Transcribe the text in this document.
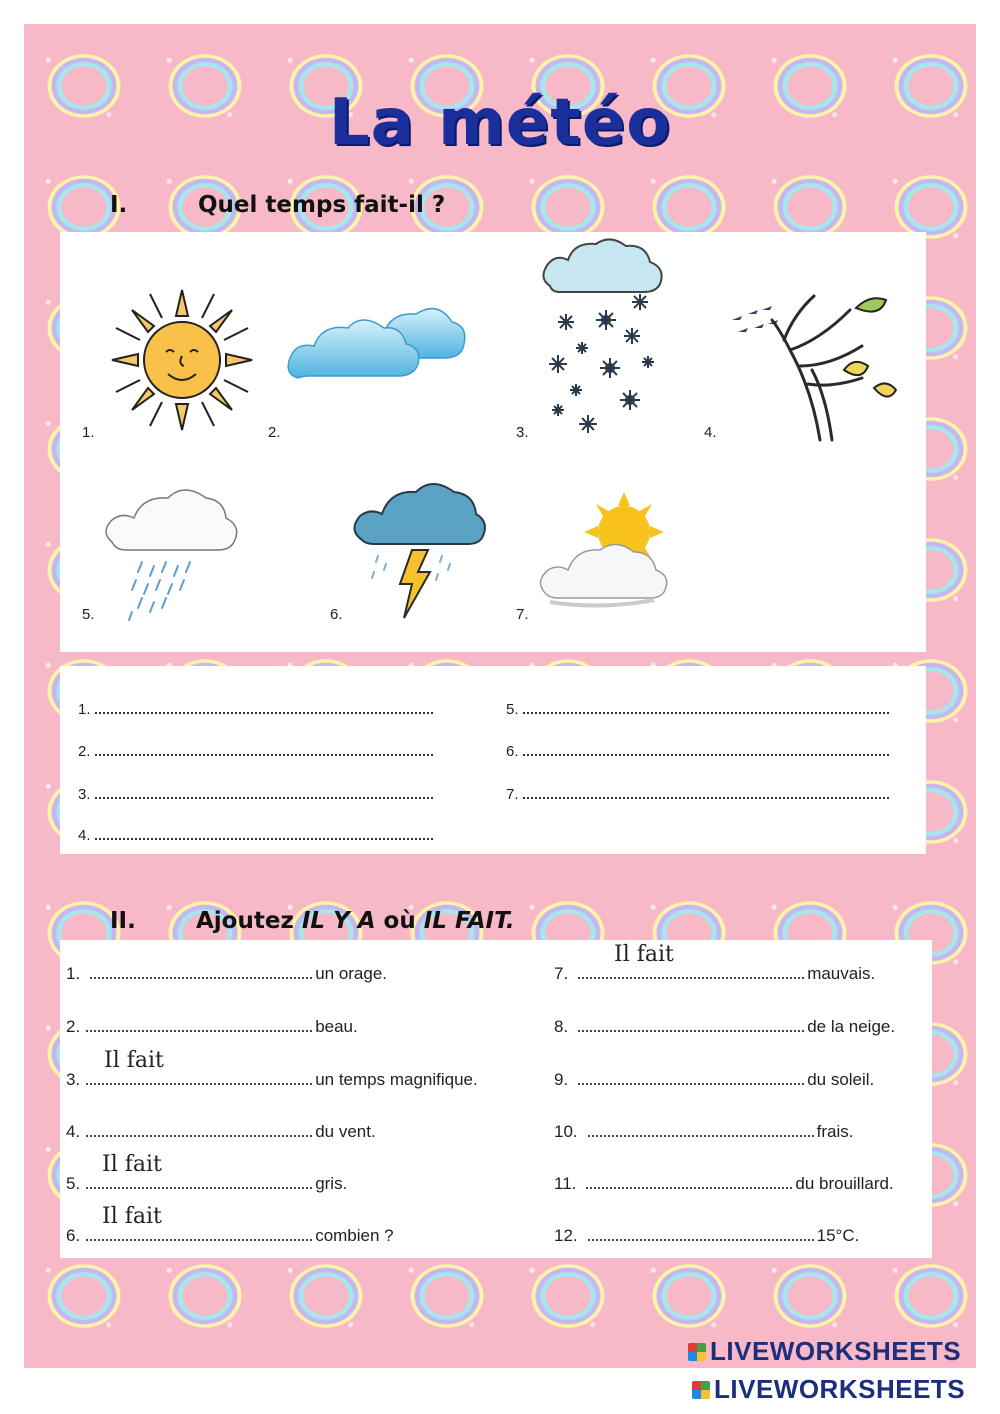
La météo
I.	Quel temps fait-il ?
1.	2.	3.	4.
5.	6.	7.
1.
2.
3.
4.
5.
6.
7.
II.	Ajoutez IL Y A où IL FAIT.
1.	un orage.
2.	beau.
3.	un temps magnifique.
Il fait
4.	du vent.
5.	gris.
Il fait
6.	combien ?
Il fait
7.	mauvais.
Il fait
8.	de la neige.
9.	du soleil.
10.	frais.
11.	du brouillard.
12.	15°C.
LIVEWORKSHEETS
LIVEWORKSHEETS
